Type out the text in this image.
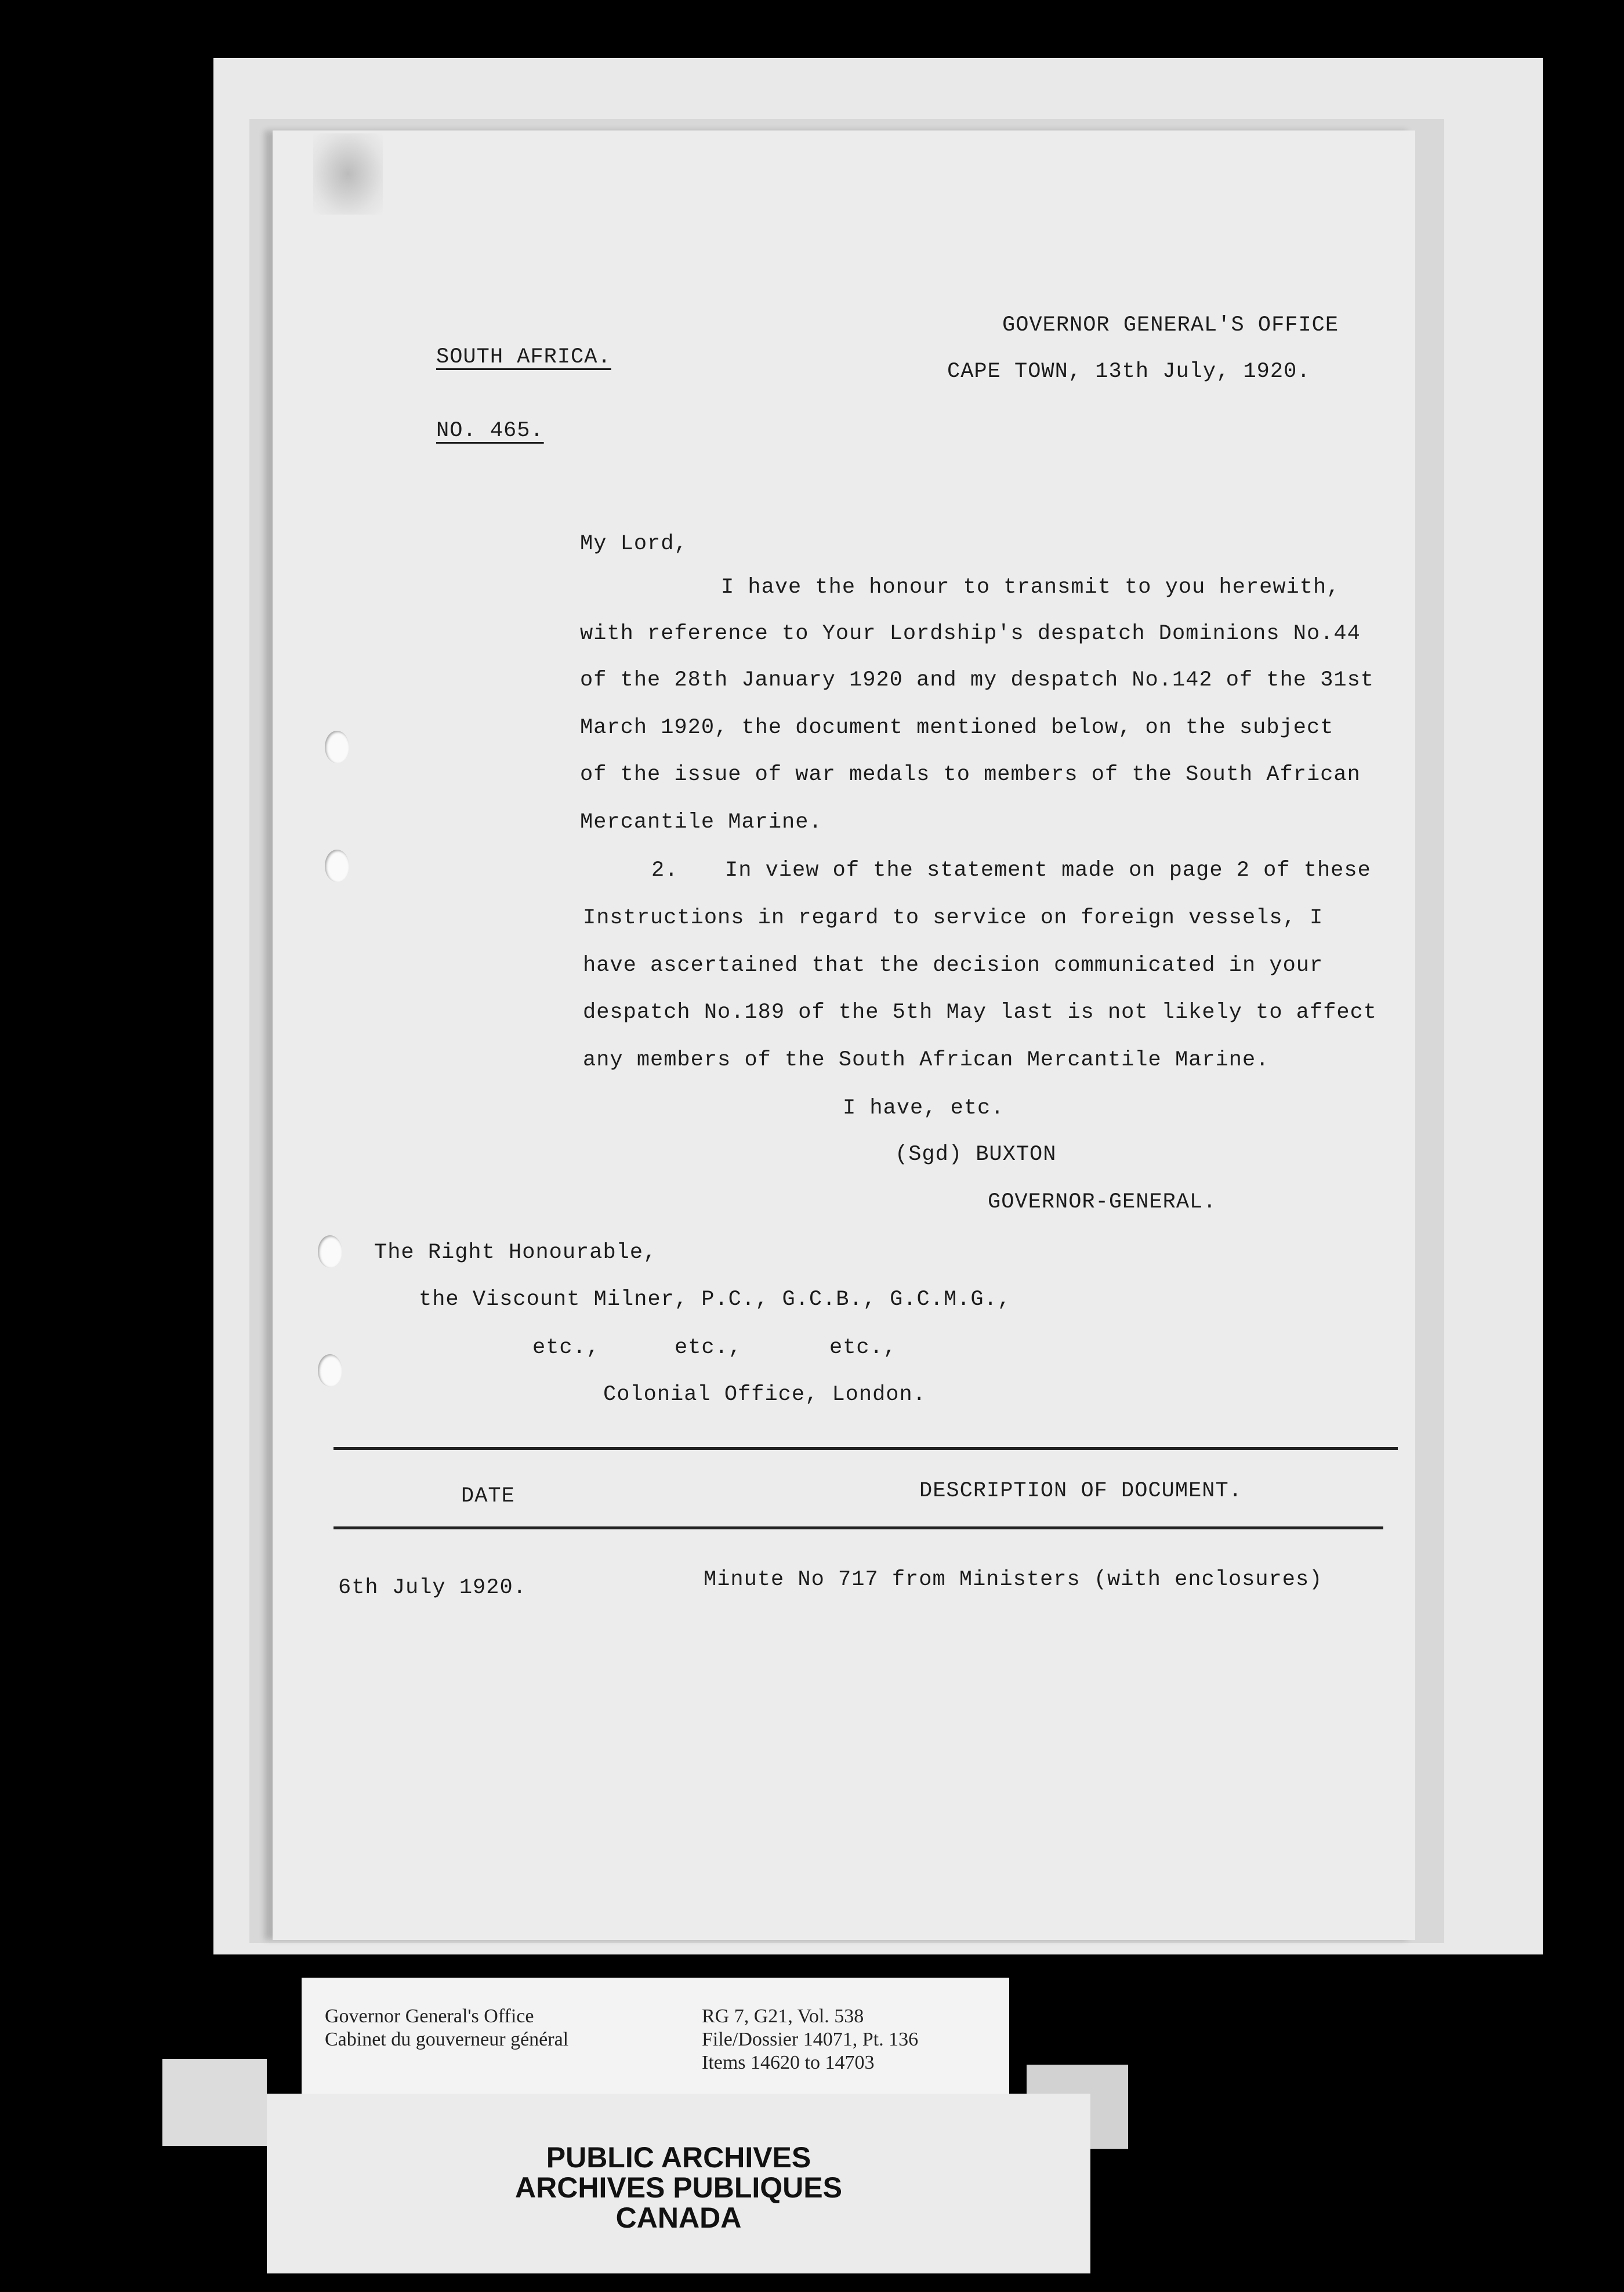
GOVERNOR GENERAL'S OFFICE
CAPE TOWN, 13th July, 1920.
SOUTH AFRICA.
NO. 465.
My Lord,
I have the honour to transmit to you herewith,
with reference to Your Lordship's despatch Dominions No.44
of the 28th January 1920 and my despatch No.142 of the 31st
March 1920, the document mentioned below, on the subject
of the issue of war medals to members of the South African
Mercantile Marine.
2. In view of the statement made on page 2 of these
Instructions in regard to service on foreign vessels, I
have ascertained that the decision communicated in your
despatch No.189 of the 5th May last is not likely to affect
any members of the South African Mercantile Marine.
I have, etc.
(Sgd) BUXTON
GOVERNOR-GENERAL.
The Right Honourable,
the Viscount Milner, P.C., G.C.B., G.C.M.G.,
etc.,	etc.,	etc.,
Colonial Office, London.
DATE	DESCRIPTION OF DOCUMENT.
6th July 1920.	Minute No 717 from Ministers (with enclosures)
Governor General's Office
Cabinet du gouverneur général
RG 7, G21, Vol. 538
File/Dossier 14071, Pt. 136
Items 14620 to 14703
PUBLIC ARCHIVES
ARCHIVES PUBLIQUES
CANADA
